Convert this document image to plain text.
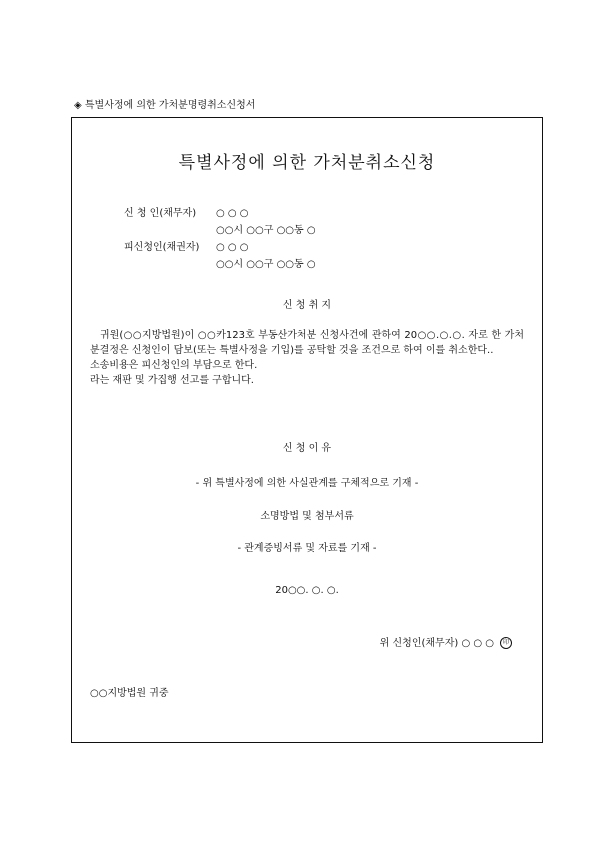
◈ 특별사정에 의한 가처분명령취소신청서
특별사정에 의한 가처분취소신청
신 청 인(채무자) ○ ○ ○
○○시 ○○구 ○○동 ○
피신청인(채권자) ○ ○ ○
○○시 ○○구 ○○동 ○
신 청 취 지

귀원(○○지방법원)이 ○○카123호 부동산가처분 신청사건에 관하여 20○○.○.○. 자로 한 가처분결정은 신청인이 담보(또는 특별사정을 기입)를 공탁할 것을 조건으로 하여 이를 취소한다..

소송비용은 피신청인의 부담으로 한다.

라는 재판 및 가집행 선고를 구합니다.

신 청 이 유
- 위 특별사정에 의한 사실관계를 구체적으로 기재 -
소명방법 및 첨부서류
- 관계증빙서류 및 자료를 기재 -
20○○. ○. ○.
위 신청인(채무자) ○ ○ ○ 印
○○지방법원 귀중
